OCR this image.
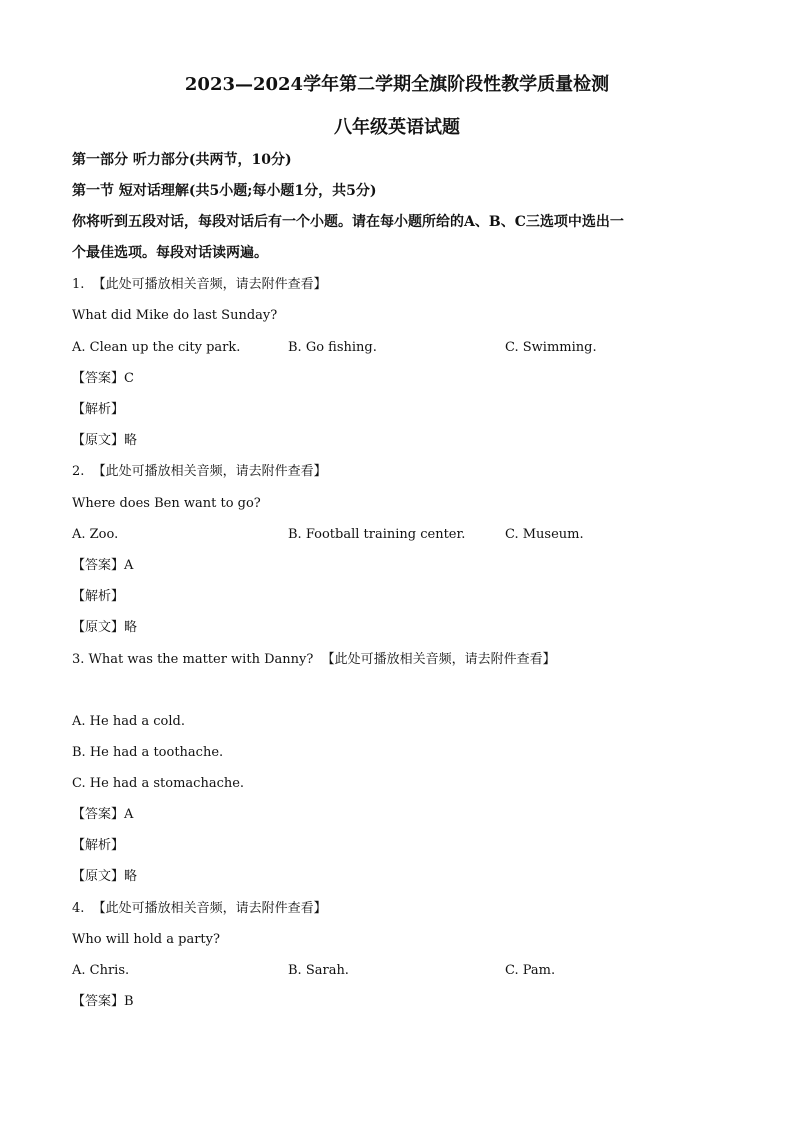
2023—2024学年第二学期全旗阶段性教学质量检测
八年级英语试题
第一部分 听力部分(共两节，10分)
第一节 短对话理解(共5小题;每小题1分，共5分)
你将听到五段对话，每段对话后有一个小题。请在每小题所给的A、B、C三选项中选出一
个最佳选项。每段对话读两遍。
1. 【此处可播放相关音频，请去附件查看】
What did Mike do last Sunday?
A. Clean up the city park.	B. Go fishing.	C. Swimming.
【答案】C
【解析】
【原文】略
2. 【此处可播放相关音频，请去附件查看】
Where does Ben want to go?
A. Zoo.	B. Football training center.	C. Museum.
【答案】A
【解析】
【原文】略
3. What was the matter with Danny? 【此处可播放相关音频，请去附件查看】
A. He had a cold.
B. He had a toothache.
C. He had a stomachache.
【答案】A
【解析】
【原文】略
4. 【此处可播放相关音频，请去附件查看】
Who will hold a party?
A. Chris.	B. Sarah.	C. Pam.
【答案】B
